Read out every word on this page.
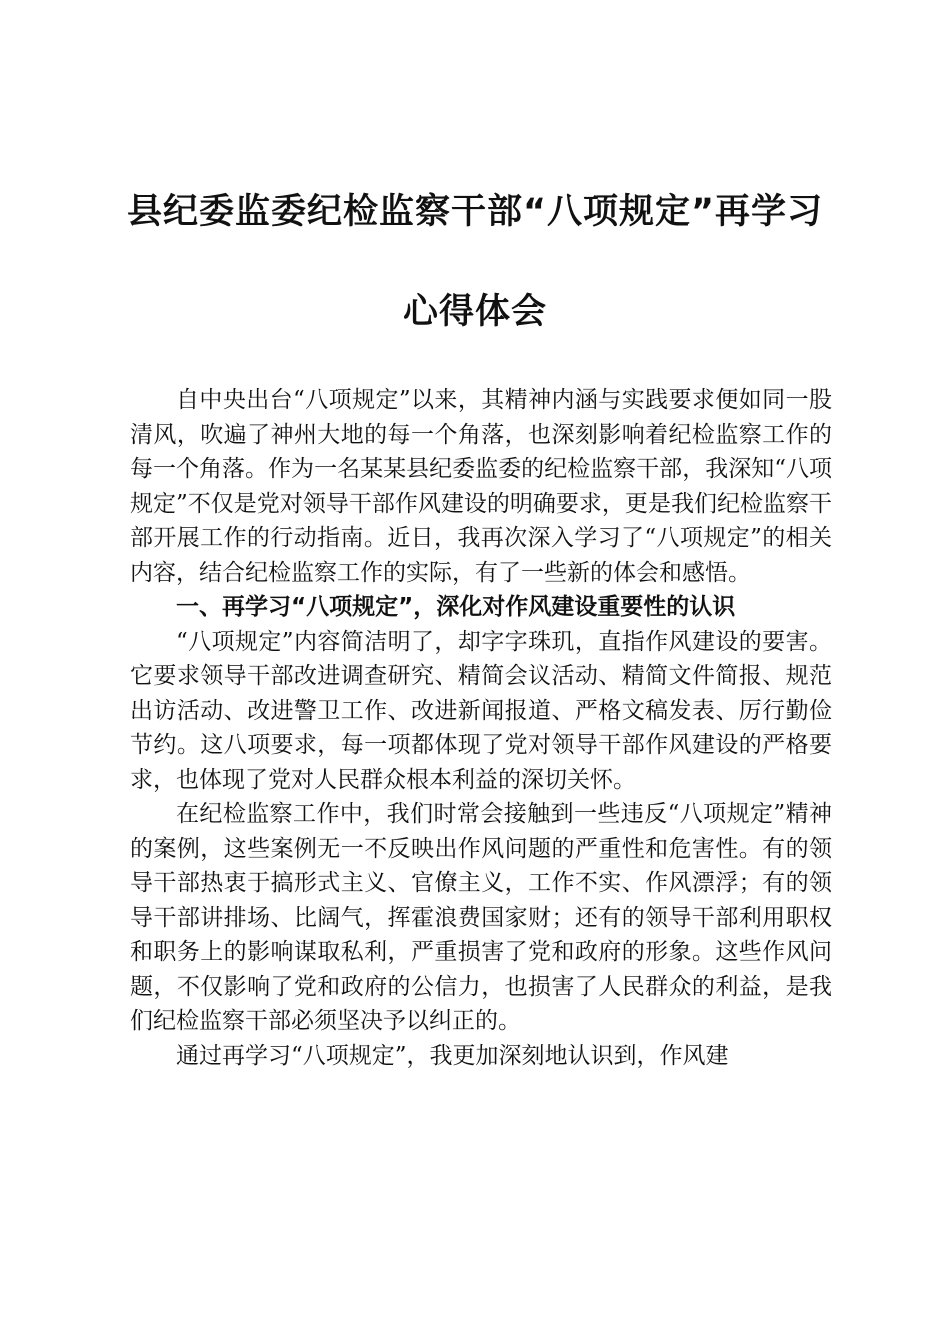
县纪委监委纪检监察干部“八项规定”再学习
心得体会

自中央出台“八项规定”以来，其精神内涵与实践要求便如同一股清风，吹遍了神州大地的每一个角落，也深刻影响着纪检监察工作的每一个角落。作为一名某某县纪委监委的纪检监察干部，我深知“八项规定”不仅是党对领导干部作风建设的明确要求，更是我们纪检监察干部开展工作的行动指南。近日，我再次深入学习了“八项规定”的相关内容，结合纪检监察工作的实际，有了一些新的体会和感悟。

一、再学习“八项规定”，深化对作风建设重要性的认识

“八项规定”内容简洁明了，却字字珠玑，直指作风建设的要害。它要求领导干部改进调查研究、精简会议活动、精简文件简报、规范出访活动、改进警卫工作、改进新闻报道、严格文稿发表、厉行勤俭节约。这八项要求，每一项都体现了党对领导干部作风建设的严格要求，也体现了党对人民群众根本利益的深切关怀。

在纪检监察工作中，我们时常会接触到一些违反“八项规定”精神的案例，这些案例无一不反映出作风问题的严重性和危害性。有的领导干部热衷于搞形式主义、官僚主义，工作不实、作风漂浮；有的领导干部讲排场、比阔气，挥霍浪费国家财；还有的领导干部利用职权和职务上的影响谋取私利，严重损害了党和政府的形象。这些作风问题，不仅影响了党和政府的公信力，也损害了人民群众的利益，是我们纪检监察干部必须坚决予以纠正的。

通过再学习“八项规定”，我更加深刻地认识到，作风建
